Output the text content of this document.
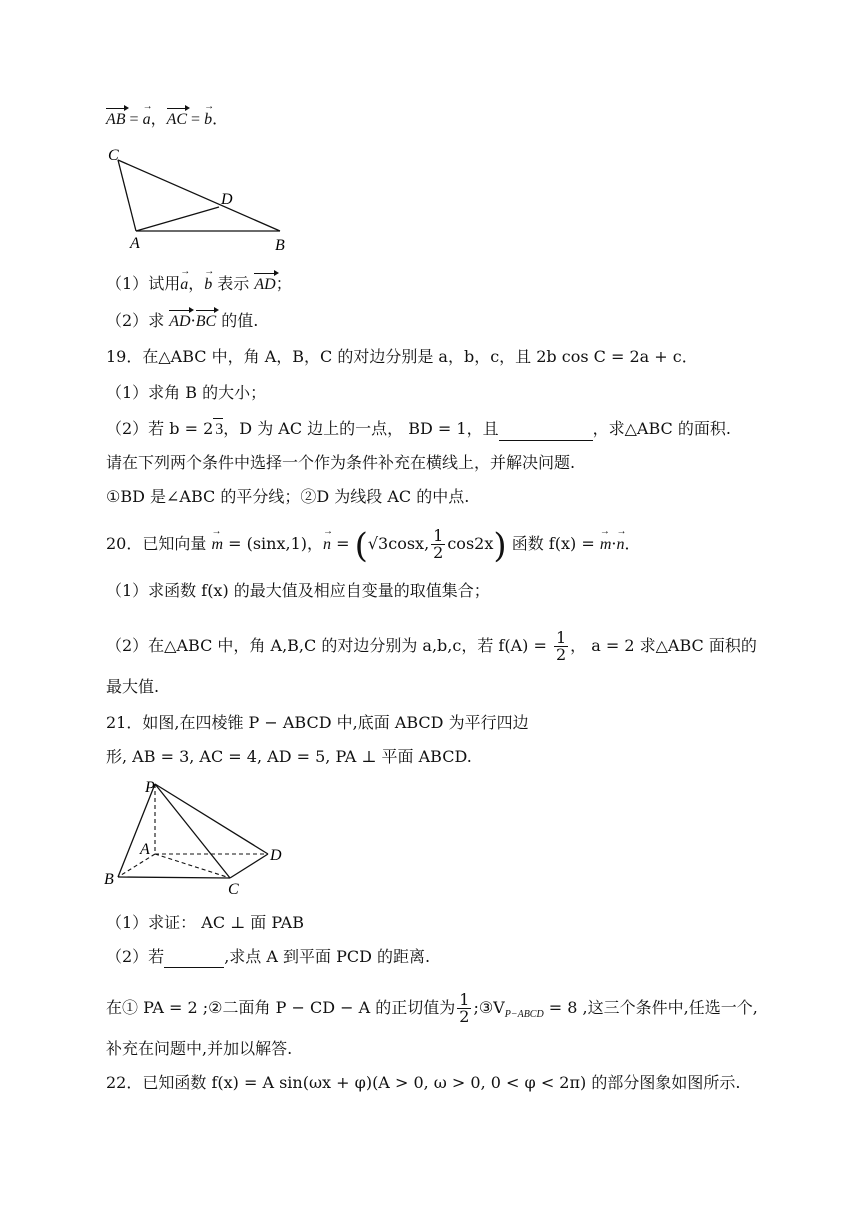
AB = → a，AC = → b．
C
D
A	B
（1）试用→ a，→ b 表示 AD；
（2）求 AD·BC 的值.
19．在△ABC 中，角 A，B，C 的对边分别是 a，b，c，且 2b cos C = 2a + c．
（1）求角 B 的大小；
（2）若 b = 2 3，D 为 AC 边上的一点， BD = 1，且	，求△ABC 的面积.
请在下列两个条件中选择一个作为条件补充在横线上，并解决问题.
①BD 是∠ABC 的平分线；②D 为线段 AC 的中点.
20．已知向量 → m = (sinx,1)，→ n = (√3cosx, $\frac{1}{2} \cos 2x$) 函数 f(x) = → m·→ n．
（1）求函数 f(x) 的最大值及相应自变量的取值集合；
（2）在△ABC 中，角 A,B,C 的对边分别为 a,b,c，若 $f(A) = \frac{1}{2}$ ， a = 2 求△ABC 面积的
最大值.
21．如图,在四棱锥 P − ABCD 中,底面 ABCD 为平行四边
形, AB = 3, AC = 4, AD = 5, PA ⊥ 平面 ABCD.
P
A
B
C
D
（1）求证： AC ⊥ 面 PAB
（2）若	,求点 A 到平面 PCD 的距离.
在① PA = 2 ;②二面角 P − CD − A 的正切值为 $\frac{1}{2}$ $;③V_{P-ABCD} = 8$ ,这三个条件中,任选一个,
补充在问题中,并加以解答.
22．已知函数 f(x) = A sin(ωx + φ)(A > 0, ω > 0, 0 < φ < 2π) 的部分图象如图所示.
